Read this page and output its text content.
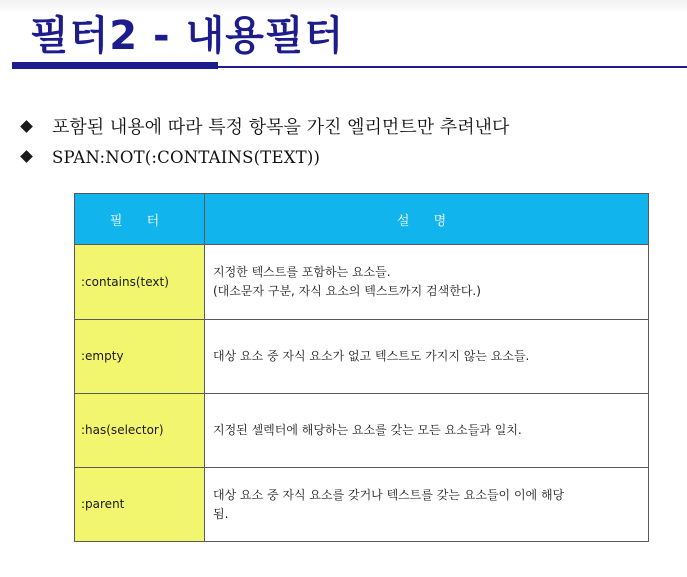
필터2 - 내용필터
포함된 내용에 따라 특정 항목을 가진 엘리먼트만 추려낸다
SPAN:NOT(:CONTAINS(TEXT))
필 터	설 명
:contains(text)	지정한 텍스트를 포함하는 요소들.
(대소문자 구분, 자식 요소의 텍스트까지 검색한다.)

:empty	대상 요소 중 자식 요소가 없고 텍스트도 가지지 않는 요소들.

:has(selector)	지정된 셀렉터에 해당하는 요소를 갖는 모든 요소들과 일치.

:parent	대상 요소 중 자식 요소를 갖거나 텍스트를 갖는 요소들이 이에 해당
됨.
